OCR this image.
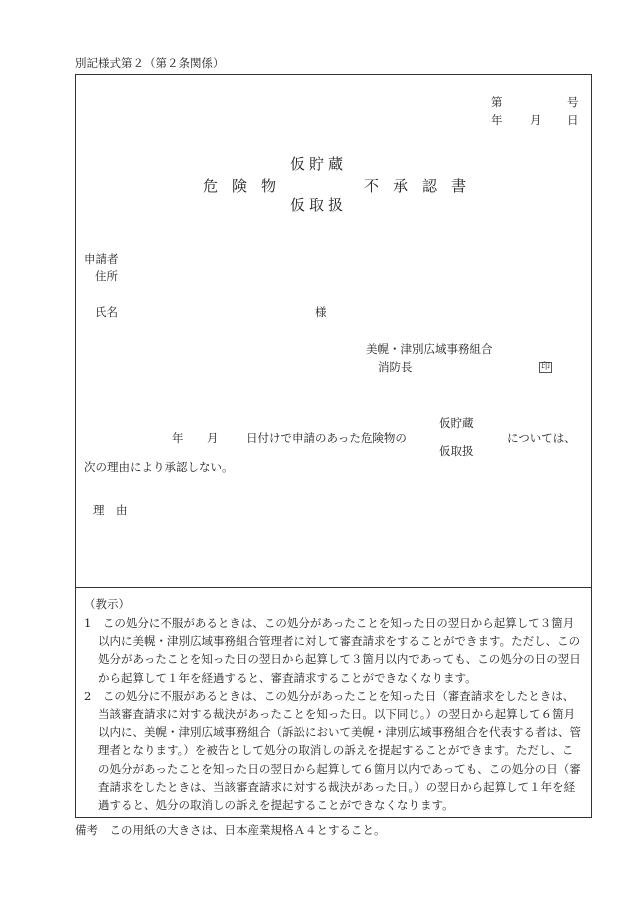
別記様式第２（第２条関係）
第	号
年 月 日
危 険 物
仮貯蔵
仮取扱
不 承 認 書
申請者
住所
氏名	様
美幌・津別広域事務組合
消防長	印
年 月 日付けで申請のあった危険物の
仮貯蔵
仮取扱
については、
次の理由により承認しない。
理　由
（教示）

1　 この処分に不服があるときは、この処分があったことを知った日の翌日から起算して３箇月以内に美幌・津別広域事務組合管理者に対して審査請求をすることができます。ただし、この処分があったことを知った日の翌日から起算して３箇月以内であっても、この処分の日の翌日から起算して１年を経過すると、審査請求することができなくなります。

2　 この処分に不服があるときは、この処分があったことを知った日（審査請求をしたときは、当該審査請求に対する裁決があったことを知った日。以下同じ。）の翌日から起算して６箇月以内に、美幌・津別広域事務組合（訴訟において美幌・津別広域事務組合を代表する者は、管理者となります。）を被告として処分の取消しの訴えを提起することができます。ただし、この処分があったことを知った日の翌日から起算して６箇月以内であっても、この処分の日（審査請求をしたときは、当該審査請求に対する裁決があった日。）の翌日から起算して１年を経過すると、処分の取消しの訴えを提起することができなくなります。

備考　この用紙の大きさは、日本産業規格Ａ４とすること。
